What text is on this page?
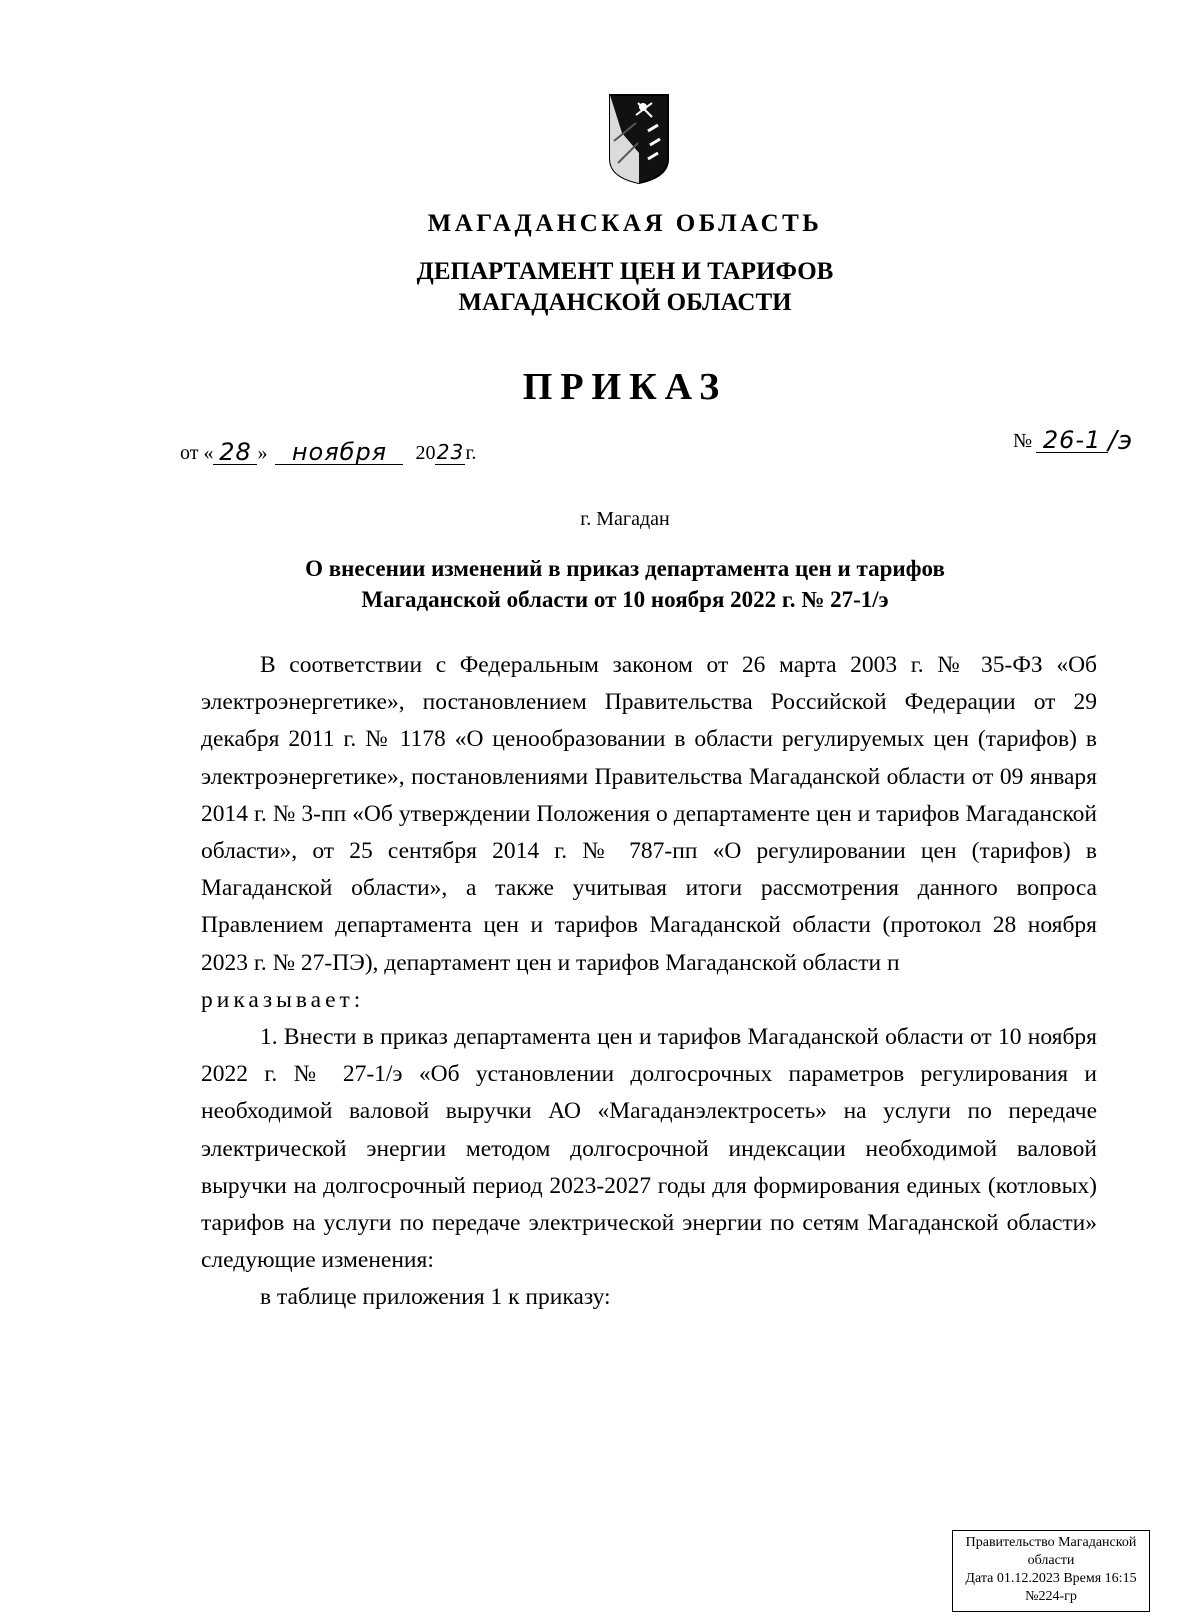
МАГАДАНСКАЯ ОБЛАСТЬ
ДЕПАРТАМЕНТ ЦЕН И ТАРИФОВ
МАГАДАНСКОЙ ОБЛАСТИ
ПРИКАЗ
от « 28 »	ноября	20 23 г.
№ 26-1 /э
г. Магадан
О внесении изменений в приказ департамента цен и тарифов
Магаданской области от 10 ноября 2022 г. № 27-1/э

В соответствии с Федеральным законом от 26 марта 2003 г. № 35-ФЗ «Об электроэнергетике», постановлением Правительства Российской Федерации от 29 декабря 2011 г. № 1178 «О ценообразовании в области регулируемых цен (тарифов) в электроэнергетике», постановлениями Правительства Магаданской области от 09 января 2014 г. № 3-пп «Об утверждении Положения о департаменте цен и тарифов Магаданской области», от 25 сентября 2014 г. № 787-пп «О регулировании цен (тарифов) в Магаданской области», а также учитывая итоги рассмотрения данного вопроса Правлением департамента цен и тарифов Магаданской области (протокол 28 ноября 2023 г. № 27-ПЭ), департамент цен и тарифов Магаданской области п

риказывает:

1. Внести в приказ департамента цен и тарифов Магаданской области от 10 ноября 2022 г. № 27-1/э «Об установлении долгосрочных параметров регулирования и необходимой валовой выручки АО «Магаданэлектросеть» на услуги по передаче электрической энергии методом долгосрочной индексации необходимой валовой выручки на долгосрочный период 2023-2027 годы для формирования единых (котловых) тарифов на услуги по передаче электрической энергии по сетям Магаданской области» следующие изменения:

в таблице приложения 1 к приказу:

Правительство Магаданской
области
Дата 01.12.2023 Время 16:15
№224-гр
